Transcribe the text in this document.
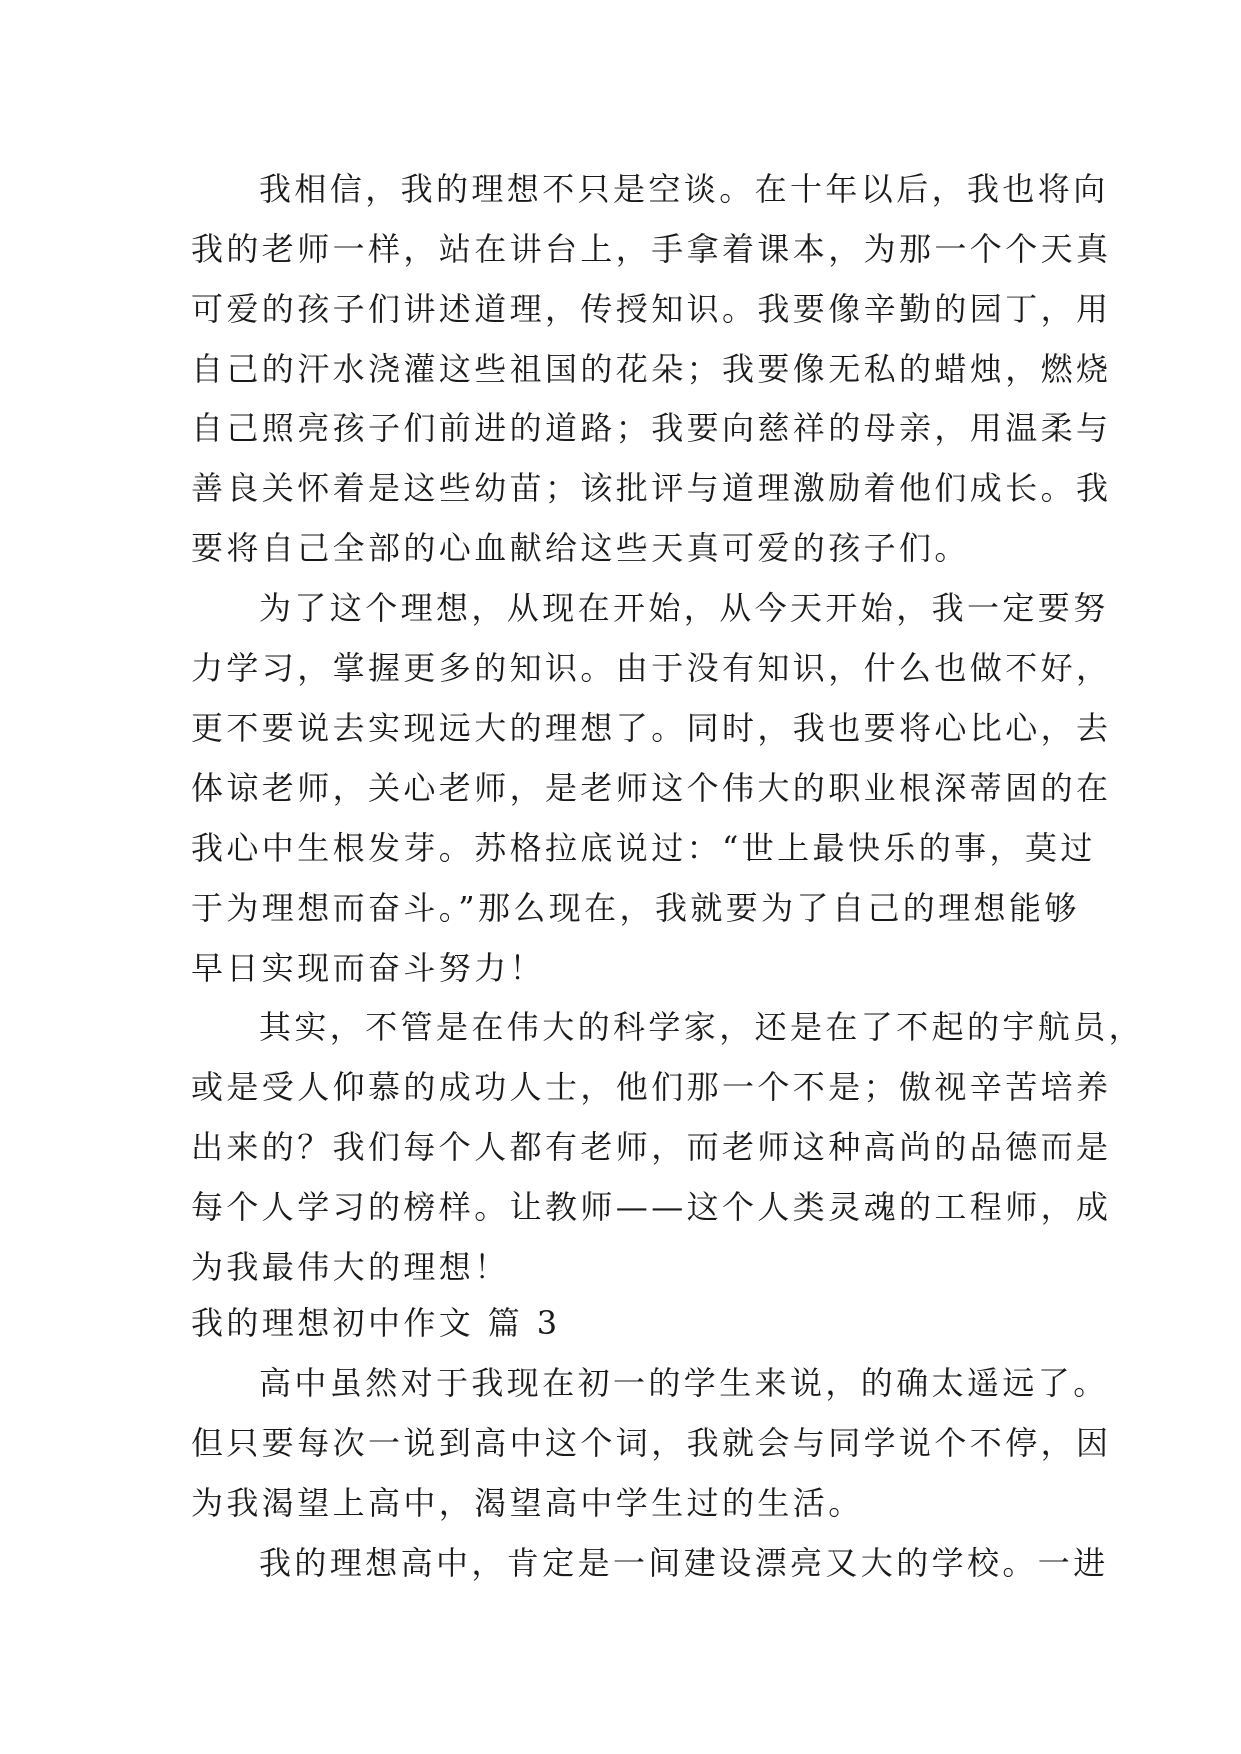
我相信，我的理想不只是空谈。在十年以后，我也将向
我的老师一样，站在讲台上，手拿着课本，为那一个个天真
可爱的孩子们讲述道理，传授知识。我要像辛勤的园丁，用
自己的汗水浇灌这些祖国的花朵；我要像无私的蜡烛，燃烧
自己照亮孩子们前进的道路；我要向慈祥的母亲，用温柔与
善良关怀着是这些幼苗；该批评与道理激励着他们成长。我
要将自己全部的心血献给这些天真可爱的孩子们。
为了这个理想，从现在开始，从今天开始，我一定要努
力学习，掌握更多的知识。由于没有知识，什么也做不好，
更不要说去实现远大的理想了。同时，我也要将心比心，去
体谅老师，关心老师，是老师这个伟大的职业根深蒂固的在
我心中生根发芽。苏格拉底说过：“世上最快乐的事，莫过
于为理想而奋斗。”那么现在，我就要为了自己的理想能够
早日实现而奋斗努力！
其实，不管是在伟大的科学家，还是在了不起的宇航员，
或是受人仰慕的成功人士，他们那一个不是；傲视辛苦培养
出来的？我们每个人都有老师，而老师这种高尚的品德而是
每个人学习的榜样。让教师——这个人类灵魂的工程师，成
为我最伟大的理想！
我的理想初中作文 篇 3
高中虽然对于我现在初一的学生来说，的确太遥远了。
但只要每次一说到高中这个词，我就会与同学说个不停，因
为我渴望上高中，渴望高中学生过的生活。
我的理想高中，肯定是一间建设漂亮又大的学校。一进
